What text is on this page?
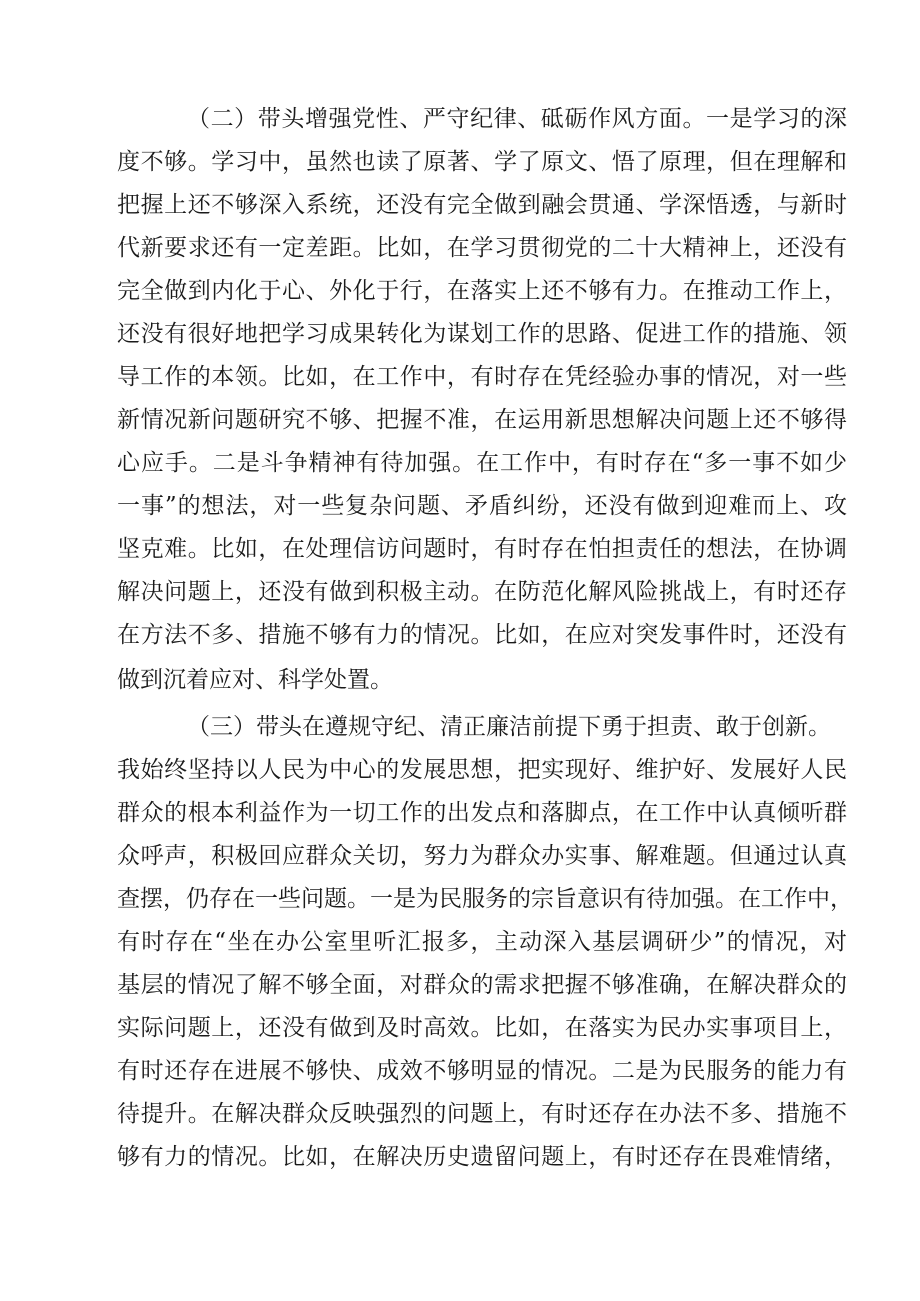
（二）带头增强党性、严守纪律、砥砺作风方面。一是学习的深
度不够。学习中，虽然也读了原著、学了原文、悟了原理，但在理解和
把握上还不够深入系统，还没有完全做到融会贯通、学深悟透，与新时
代新要求还有一定差距。比如，在学习贯彻党的二十大精神上，还没有
完全做到内化于心、外化于行，在落实上还不够有力。在推动工作上，
还没有很好地把学习成果转化为谋划工作的思路、促进工作的措施、领
导工作的本领。比如，在工作中，有时存在凭经验办事的情况，对一些
新情况新问题研究不够、把握不准，在运用新思想解决问题上还不够得
心应手。二是斗争精神有待加强。在工作中，有时存在“多一事不如少
一事”的想法，对一些复杂问题、矛盾纠纷，还没有做到迎难而上、攻
坚克难。比如，在处理信访问题时，有时存在怕担责任的想法，在协调
解决问题上，还没有做到积极主动。在防范化解风险挑战上，有时还存
在方法不多、措施不够有力的情况。比如，在应对突发事件时，还没有
做到沉着应对、科学处置。
（三）带头在遵规守纪、清正廉洁前提下勇于担责、敢于创新。
我始终坚持以人民为中心的发展思想，把实现好、维护好、发展好人民
群众的根本利益作为一切工作的出发点和落脚点，在工作中认真倾听群
众呼声，积极回应群众关切，努力为群众办实事、解难题。但通过认真
查摆，仍存在一些问题。一是为民服务的宗旨意识有待加强。在工作中，
有时存在“坐在办公室里听汇报多，主动深入基层调研少”的情况，对
基层的情况了解不够全面，对群众的需求把握不够准确，在解决群众的
实际问题上，还没有做到及时高效。比如，在落实为民办实事项目上，
有时还存在进展不够快、成效不够明显的情况。二是为民服务的能力有
待提升。在解决群众反映强烈的问题上，有时还存在办法不多、措施不
够有力的情况。比如，在解决历史遗留问题上，有时还存在畏难情绪，
